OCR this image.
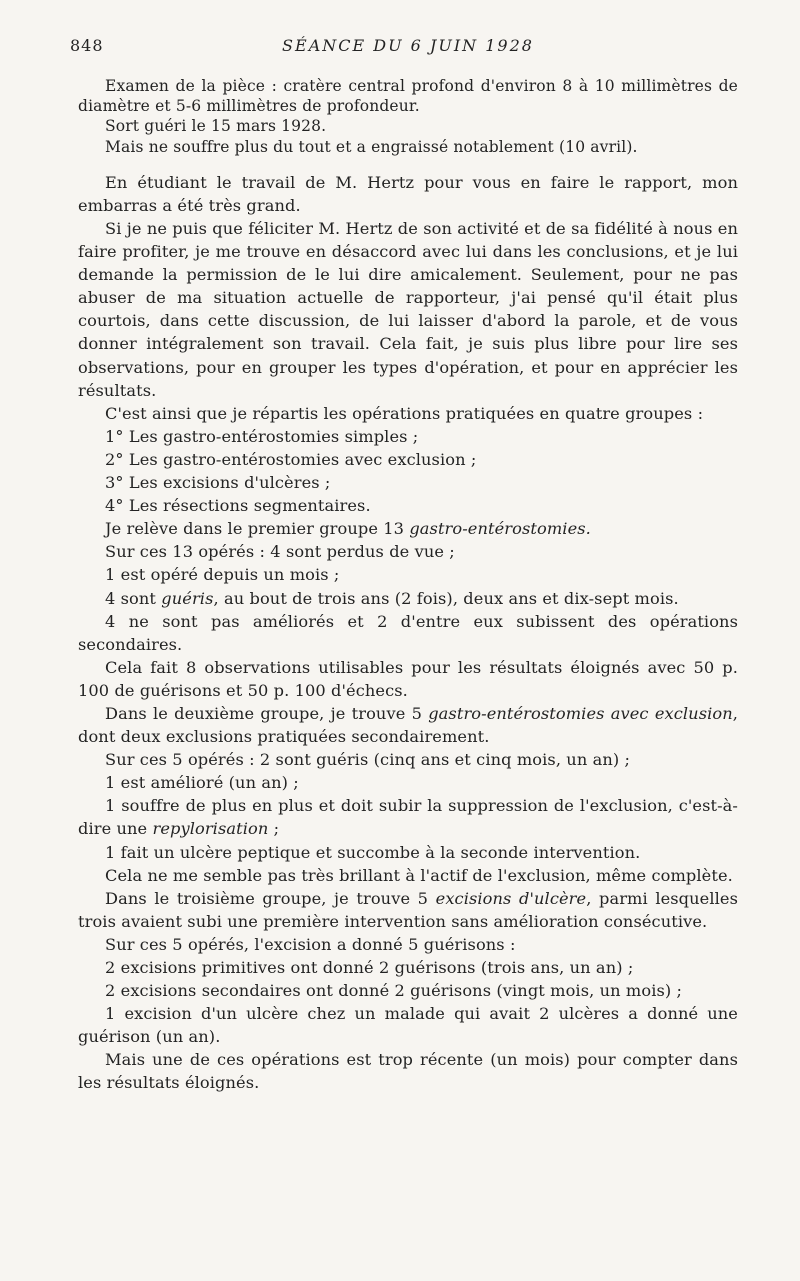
848	SÉANCE DU 6 JUIN 1928

Examen de la pièce : cratère central profond d'environ 8 à 10 millimètres de diamètre et 5-6 millimètres de profondeur.

Sort guéri le 15 mars 1928.

Mais ne souffre plus du tout et a engraissé notablement (10 avril).

En étudiant le travail de M. Hertz pour vous en faire le rapport, mon embarras a été très grand.

Si je ne puis que féliciter M. Hertz de son activité et de sa fidélité à nous en faire profiter, je me trouve en désaccord avec lui dans les conclusions, et je lui demande la permission de le lui dire amicalement. Seulement, pour ne pas abuser de ma situation actuelle de rapporteur, j'ai pensé qu'il était plus courtois, dans cette discussion, de lui laisser d'abord la parole, et de vous donner intégralement son travail. Cela fait, je suis plus libre pour lire ses observations, pour en grouper les types d'opération, et pour en apprécier les résultats.

C'est ainsi que je répartis les opérations pratiquées en quatre groupes :

1° Les gastro-entérostomies simples ;

2° Les gastro-entérostomies avec exclusion ;

3° Les excisions d'ulcères ;

4° Les résections segmentaires.

Je relève dans le premier groupe 13 gastro-entérostomies.

Sur ces 13 opérés : 4 sont perdus de vue ;

1 est opéré depuis un mois ;

4 sont guéris, au bout de trois ans (2 fois), deux ans et dix-sept mois.

4 ne sont pas améliorés et 2 d'entre eux subissent des opérations secondaires.

Cela fait 8 observations utilisables pour les résultats éloignés avec 50 p. 100 de guérisons et 50 p. 100 d'échecs.

Dans le deuxième groupe, je trouve 5 gastro-entérostomies avec exclusion, dont deux exclusions pratiquées secondairement.

Sur ces 5 opérés : 2 sont guéris (cinq ans et cinq mois, un an) ;

1 est amélioré (un an) ;

1 souffre de plus en plus et doit subir la suppression de l'exclusion, c'est-à-dire une repylorisation ;

1 fait un ulcère peptique et succombe à la seconde intervention.

Cela ne me semble pas très brillant à l'actif de l'exclusion, même complète.

Dans le troisième groupe, je trouve 5 excisions d'ulcère, parmi lesquelles trois avaient subi une première intervention sans amélioration consécutive.

Sur ces 5 opérés, l'excision a donné 5 guérisons :

2 excisions primitives ont donné 2 guérisons (trois ans, un an) ;

2 excisions secondaires ont donné 2 guérisons (vingt mois, un mois) ;

1 excision d'un ulcère chez un malade qui avait 2 ulcères a donné une guérison (un an).

Mais une de ces opérations est trop récente (un mois) pour compter dans les résultats éloignés.
